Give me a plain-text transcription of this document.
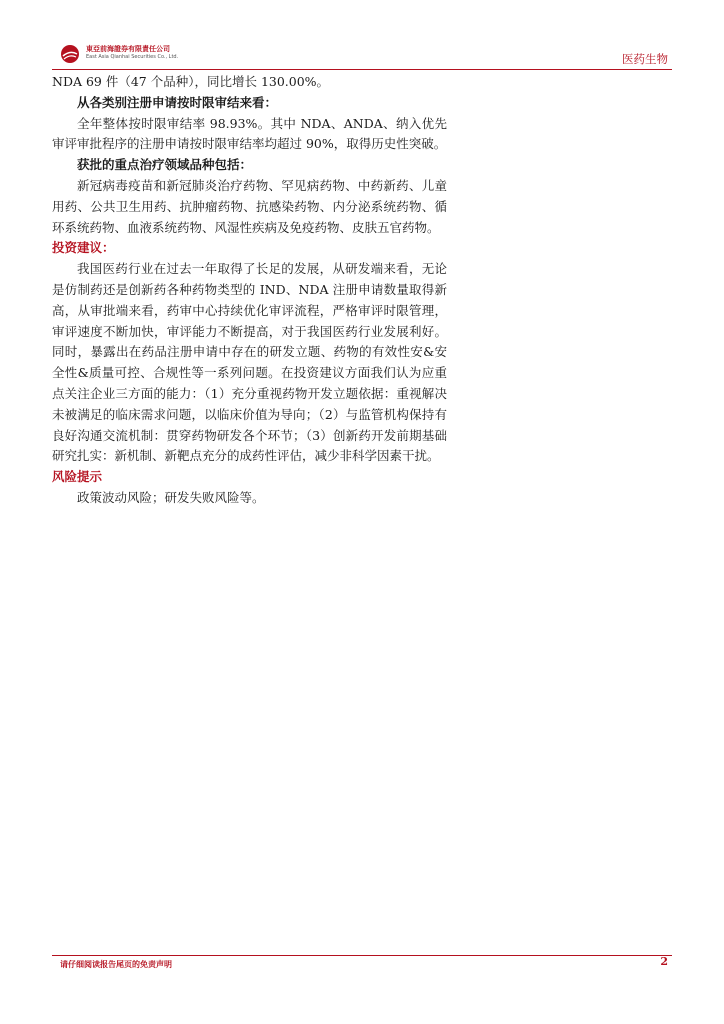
東亞前海證券有限責任公司
East Asia Qianhai Securities Co., Ltd.	医药生物

NDA 69 件（47 个品种），同比增长 130.00%。

从各类别注册申请按时限审结来看：

全年整体按时限审结率 98.93%。其中 NDA、ANDA、纳入优先审评审批程序的注册申请按时限审结率均超过 90%，取得历史性突破。

获批的重点治疗领域品种包括：

新冠病毒疫苗和新冠肺炎治疗药物、罕见病药物、中药新药、儿童用药、公共卫生用药、抗肿瘤药物、抗感染药物、内分泌系统药物、循环系统药物、血液系统药物、风湿性疾病及免疫药物、皮肤五官药物。

投资建议：

我国医药行业在过去一年取得了长足的发展，从研发端来看，无论是仿制药还是创新药各种药物类型的 IND、NDA 注册申请数量取得新高，从审批端来看，药审中心持续优化审评流程，严格审评时限管理，审评速度不断加快，审评能力不断提高，对于我国医药行业发展利好。同时，暴露出在药品注册申请中存在的研发立题、药物的有效性安&安全性&质量可控、合规性等一系列问题。在投资建议方面我们认为应重点关注企业三方面的能力：（1）充分重视药物开发立题依据：重视解决未被满足的临床需求问题，以临床价值为导向；（2）与监管机构保持有良好沟通交流机制：贯穿药物研发各个环节；（3）创新药开发前期基础研究扎实：新机制、新靶点充分的成药性评估，减少非科学因素干扰。

风险提示

政策波动风险；研发失败风险等。

请仔细阅读报告尾页的免责声明	2
